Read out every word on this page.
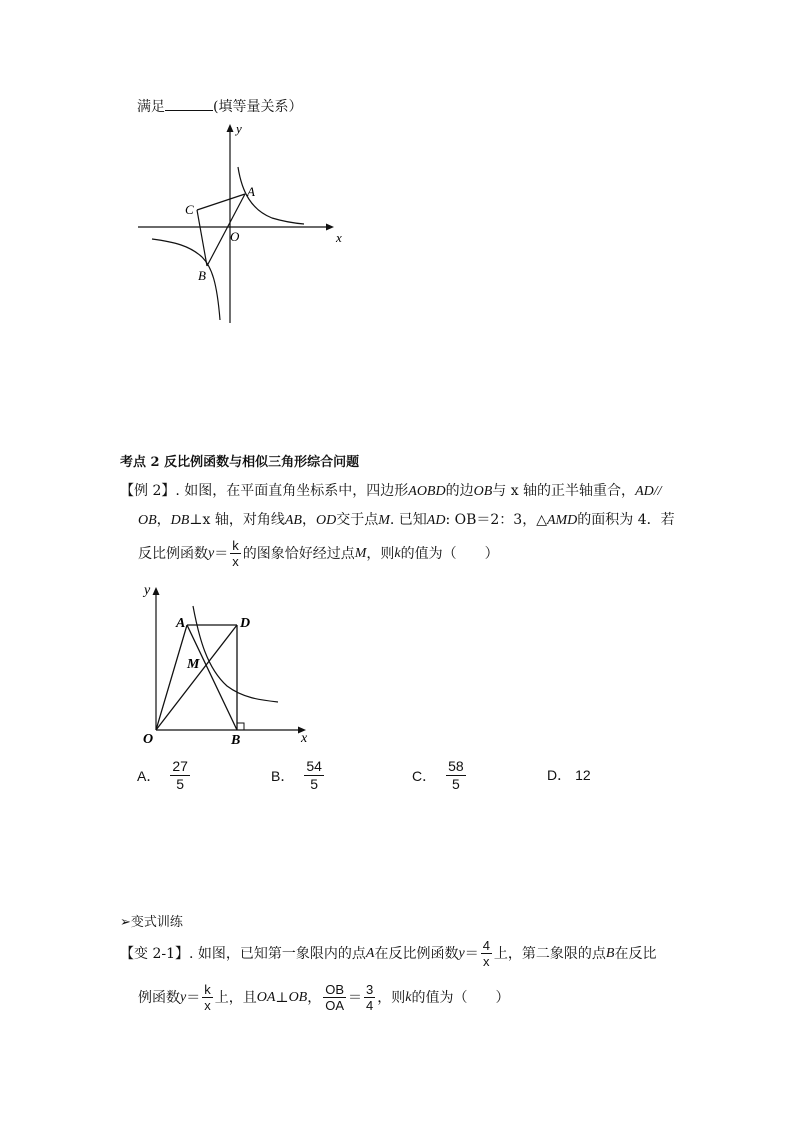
满足	(填等量关系）
y
x
A
C
O
B
考点 2 反比例函数与相似三角形综合问题
【例 2】. 如图，在平面直角坐标系中，四边形AOBD的边OB与 x 轴的正半轴重合，AD//
OB，DB⊥x 轴，对角线AB，OD交于点M. 已知AD: OB＝2：3，△AMD的面积为 4．若
反比例函数 $y = \frac{k}{x}$ 的图象恰好经过点 M ，则 k 的值为（　　）
y
x
A	D
M
O	B
A． $\frac{27}{5}$	B． $\frac{54}{5}$	C． $\frac{58}{5}$	D． 12
➢变式训练
【变 2-1】 . 如图，已知第一象限内的点 A 在反比例函数 $y = \frac{4}{x}$ 上，第二象限的点 B 在反比
例函数 $y = \frac{k}{x}$ 上，且 OA ⊥ OB ， $\frac{OB}{OA} = \frac{3}{4}$ ，则 k 的值为（　　）
